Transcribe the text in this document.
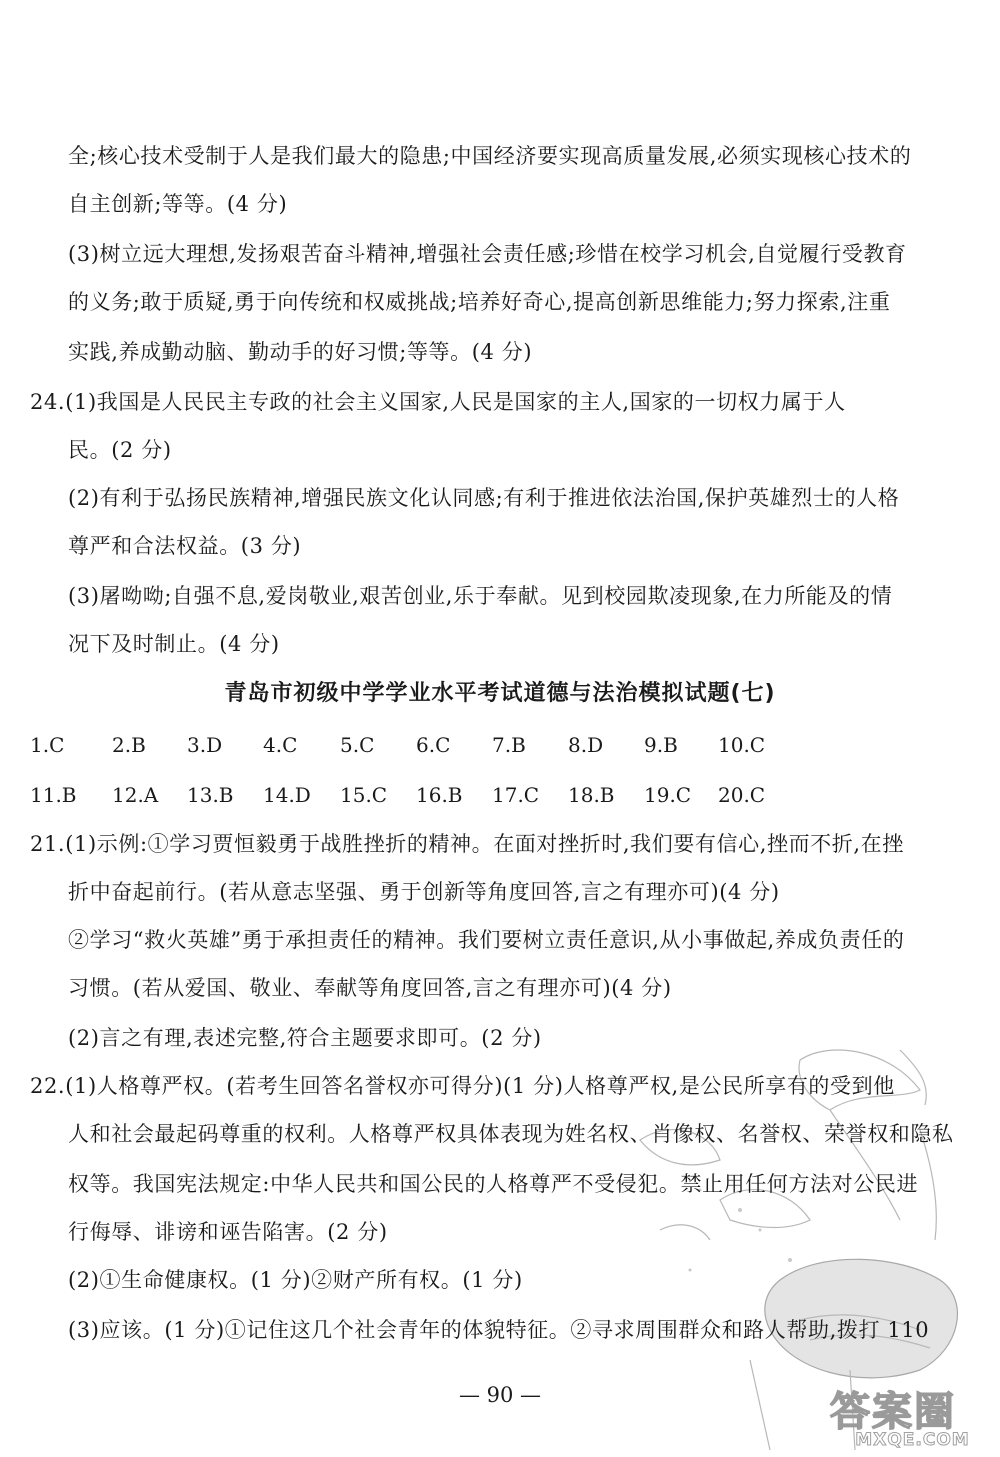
全;核心技术受制于人是我们最大的隐患;中国经济要实现高质量发展,必须实现核心技术的
自主创新;等等。(4 分)
(3)树立远大理想,发扬艰苦奋斗精神,增强社会责任感;珍惜在校学习机会,自觉履行受教育
的义务;敢于质疑,勇于向传统和权威挑战;培养好奇心,提高创新思维能力;努力探索,注重
实践,养成勤动脑、勤动手的好习惯;等等。(4 分)
24.(1)我国是人民民主专政的社会主义国家,人民是国家的主人,国家的一切权力属于人
民。(2 分)
(2)有利于弘扬民族精神,增强民族文化认同感;有利于推进依法治国,保护英雄烈士的人格
尊严和合法权益。(3 分)
(3)屠呦呦;自强不息,爱岗敬业,艰苦创业,乐于奉献。见到校园欺凌现象,在力所能及的情
况下及时制止。(4 分)
青岛市初级中学学业水平考试道德与法治模拟试题(七)
1.C 2.B 3.D 4.C 5.C 6.C 7.B 8.D 9.B 10.C
11.B 12.A 13.B 14.D 15.C 16.B 17.C 18.B 19.C 20.C
21.(1)示例:①学习贾恒毅勇于战胜挫折的精神。在面对挫折时,我们要有信心,挫而不折,在挫
折中奋起前行。(若从意志坚强、勇于创新等角度回答,言之有理亦可)(4 分)
②学习“救火英雄”勇于承担责任的精神。我们要树立责任意识,从小事做起,养成负责任的
习惯。(若从爱国、敬业、奉献等角度回答,言之有理亦可)(4 分)
(2)言之有理,表述完整,符合主题要求即可。(2 分)
22.(1)人格尊严权。(若考生回答名誉权亦可得分)(1 分)人格尊严权,是公民所享有的受到他
人和社会最起码尊重的权利。人格尊严权具体表现为姓名权、肖像权、名誉权、荣誉权和隐私
权等。我国宪法规定:中华人民共和国公民的人格尊严不受侵犯。禁止用任何方法对公民进
行侮辱、诽谤和诬告陷害。(2 分)
(2)①生命健康权。(1 分)②财产所有权。(1 分)
(3)应该。(1 分)①记住这几个社会青年的体貌特征。②寻求周围群众和路人帮助,拨打 110
— 90 —	答案圈
MXQE.COM
